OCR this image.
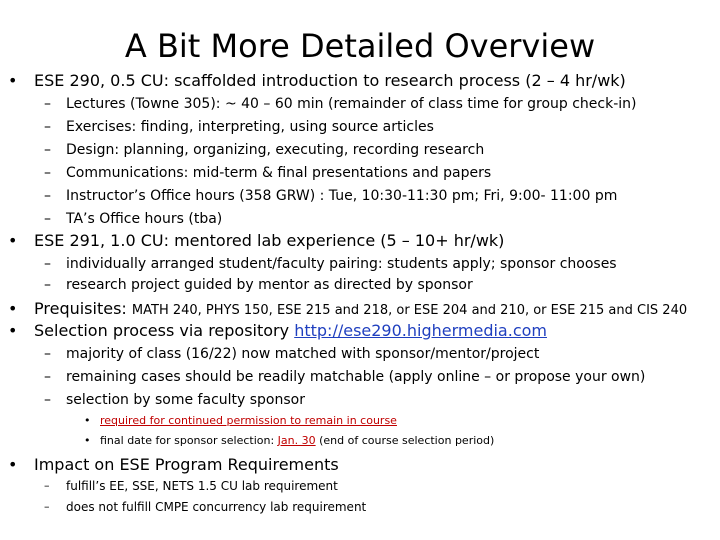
A Bit More Detailed Overview
• ESE 290, 0.5 CU: scaffolded introduction to research process (2 – 4 hr/wk)
– Lectures (Towne 305): ~ 40 – 60 min (remainder of class time for group check-in)
– Exercises: finding, interpreting, using source articles
– Design: planning, organizing, executing, recording research
– Communications: mid-term & final presentations and papers
– Instructor’s Office hours (358 GRW) : Tue, 10:30-11:30 pm; Fri, 9:00- 11:00 pm
– TA’s Office hours (tba)
• ESE 291, 1.0 CU: mentored lab experience (5 – 10+ hr/wk)
– individually arranged student/faculty pairing: students apply; sponsor chooses
– research project guided by mentor as directed by sponsor
• Prequisites: MATH 240, PHYS 150, ESE 215 and 218, or ESE 204 and 210, or ESE 215 and CIS 240
• Selection process via repository http://ese290.highermedia.com
– majority of class (16/22) now matched with sponsor/mentor/project
– remaining cases should be readily matchable (apply online – or propose your own)
– selection by some faculty sponsor
• required for continued permission to remain in course
• final date for sponsor selection: Jan. 30 (end of course selection period)
• Impact on ESE Program Requirements
– fulfill’s EE, SSE, NETS 1.5 CU lab requirement
– does not fulfill CMPE concurrency lab requirement
